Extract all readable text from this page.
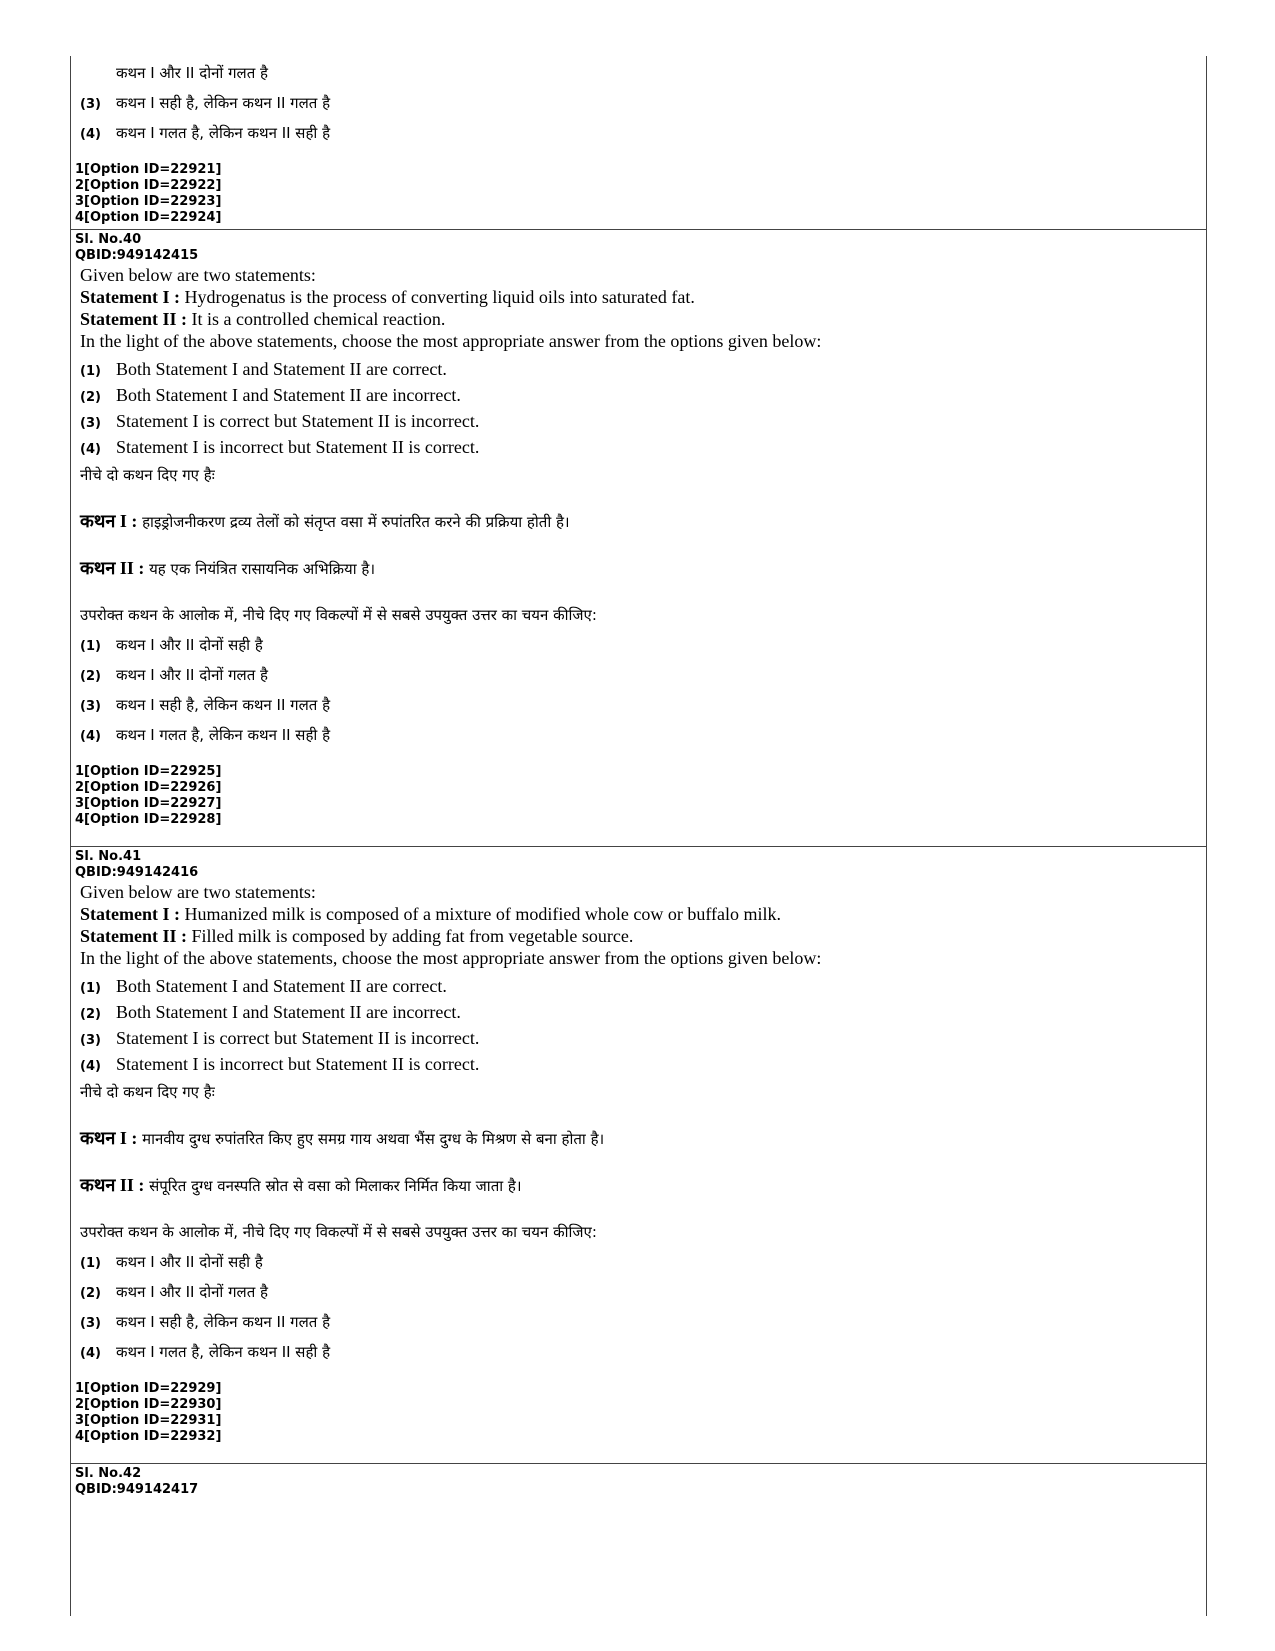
कथन I और II दोनों गलत है
(3)	कथन I सही है, लेकिन कथन II गलत है
(4)	कथन I गलत है, लेकिन कथन II सही है
1[Option ID=22921]
2[Option ID=22922]
3[Option ID=22923]
4[Option ID=22924]
Sl. No.40
QBID:949142415
Given below are two statements:
Statement I : Hydrogenatus is the process of converting liquid oils into saturated fat.
Statement II : It is a controlled chemical reaction.
In the light of the above statements, choose the most appropriate answer from the options given below:
(1) Both Statement I and Statement II are correct.
(2) Both Statement I and Statement II are incorrect.
(3) Statement I is correct but Statement II is incorrect.
(4) Statement I is incorrect but Statement II is correct.
नीचे दो कथन दिए गए हैः
कथन I : हाइड्रोजनीकरण द्रव्य तेलों को संतृप्त वसा में रुपांतरित करने की प्रक्रिया होती है।
कथन II : यह एक नियंत्रित रासायनिक अभिक्रिया है।
उपरोक्त कथन के आलोक में, नीचे दिए गए विकल्पों में से सबसे उपयुक्त उत्तर का चयन कीजिए:
(1)	कथन I और II दोनों सही है
(2)	कथन I और II दोनों गलत है
(3)	कथन I सही है, लेकिन कथन II गलत है
(4)	कथन I गलत है, लेकिन कथन II सही है
1[Option ID=22925]
2[Option ID=22926]
3[Option ID=22927]
4[Option ID=22928]
Sl. No.41
QBID:949142416
Given below are two statements:
Statement I : Humanized milk is composed of a mixture of modified whole cow or buffalo milk.
Statement II : Filled milk is composed by adding fat from vegetable source.
In the light of the above statements, choose the most appropriate answer from the options given below:
(1) Both Statement I and Statement II are correct.
(2) Both Statement I and Statement II are incorrect.
(3) Statement I is correct but Statement II is incorrect.
(4) Statement I is incorrect but Statement II is correct.
नीचे दो कथन दिए गए हैः
कथन I : मानवीय दुग्ध रुपांतरित किए हुए समग्र गाय अथवा भैंस दुग्ध के मिश्रण से बना होता है।
कथन II : संपूरित दुग्ध वनस्पति स्रोत से वसा को मिलाकर निर्मित किया जाता है।
उपरोक्त कथन के आलोक में, नीचे दिए गए विकल्पों में से सबसे उपयुक्त उत्तर का चयन कीजिए:
(1)	कथन I और II दोनों सही है
(2)	कथन I और II दोनों गलत है
(3)	कथन I सही है, लेकिन कथन II गलत है
(4)	कथन I गलत है, लेकिन कथन II सही है
1[Option ID=22929]
2[Option ID=22930]
3[Option ID=22931]
4[Option ID=22932]
Sl. No.42
QBID:949142417
